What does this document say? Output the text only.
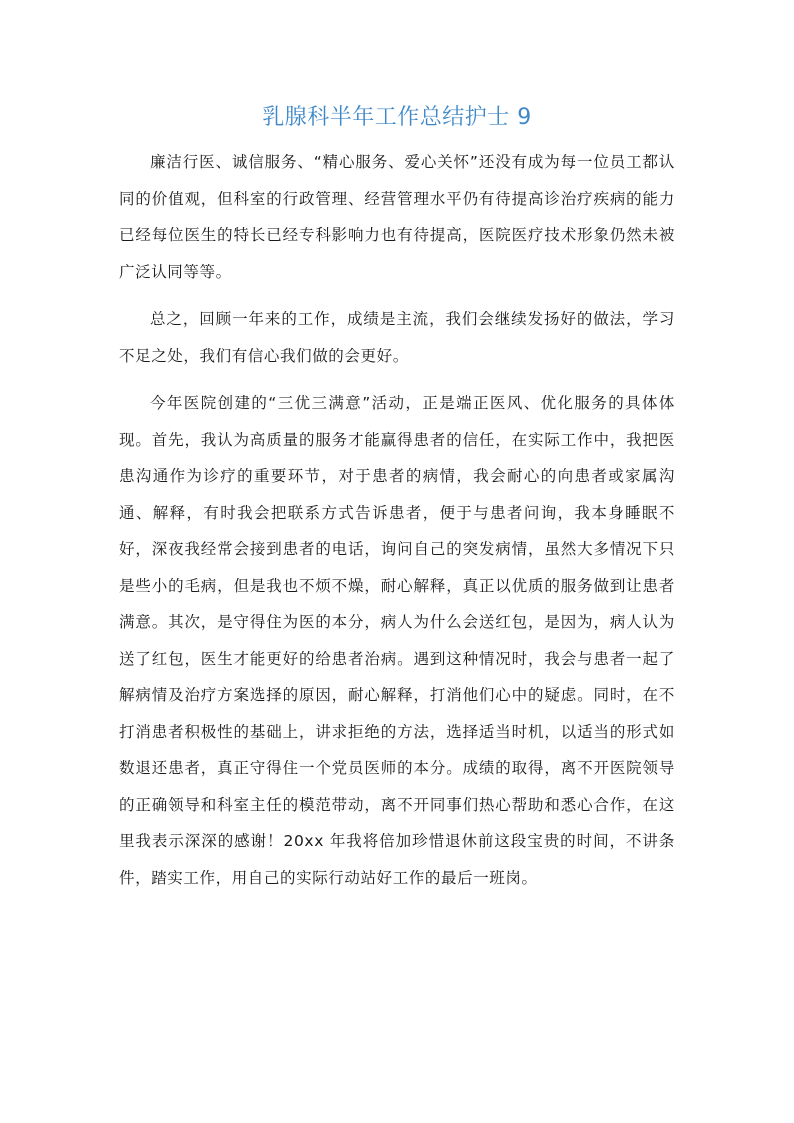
乳腺科半年工作总结护士 9

廉洁行医、诚信服务、“精心服务、爱心关怀”还没有成为每一位员工都认同的价值观，但科室的行政管理、经营管理水平仍有待提高诊治疗疾病的能力已经每位医生的特长已经专科影响力也有待提高，医院医疗技术形象仍然未被广泛认同等等。

总之，回顾一年来的工作，成绩是主流，我们会继续发扬好的做法，学习不足之处，我们有信心我们做的会更好。

今年医院创建的“三优三满意”活动，正是端正医风、优化服务的具体体现。首先，我认为高质量的服务才能赢得患者的信任，在实际工作中，我把医患沟通作为诊疗的重要环节，对于患者的病情，我会耐心的向患者或家属沟通、解释，有时我会把联系方式告诉患者，便于与患者问询，我本身睡眠不好，深夜我经常会接到患者的电话，询问自己的突发病情，虽然大多情况下只是些小的毛病，但是我也不烦不燥，耐心解释，真正以优质的服务做到让患者满意。其次，是守得住为医的本分，病人为什么会送红包，是因为，病人认为送了红包，医生才能更好的给患者治病。遇到这种情况时，我会与患者一起了解病情及治疗方案选择的原因，耐心解释，打消他们心中的疑虑。同时，在不打消患者积极性的基础上，讲求拒绝的方法，选择适当时机，以适当的形式如数退还患者，真正守得住一个党员医师的本分。成绩的取得，离不开医院领导的正确领导和科室主任的模范带动，离不开同事们热心帮助和悉心合作，在这里我表示深深的感谢！20xx 年我将倍加珍惜退休前这段宝贵的时间，不讲条件，踏实工作，用自己的实际行动站好工作的最后一班岗。
